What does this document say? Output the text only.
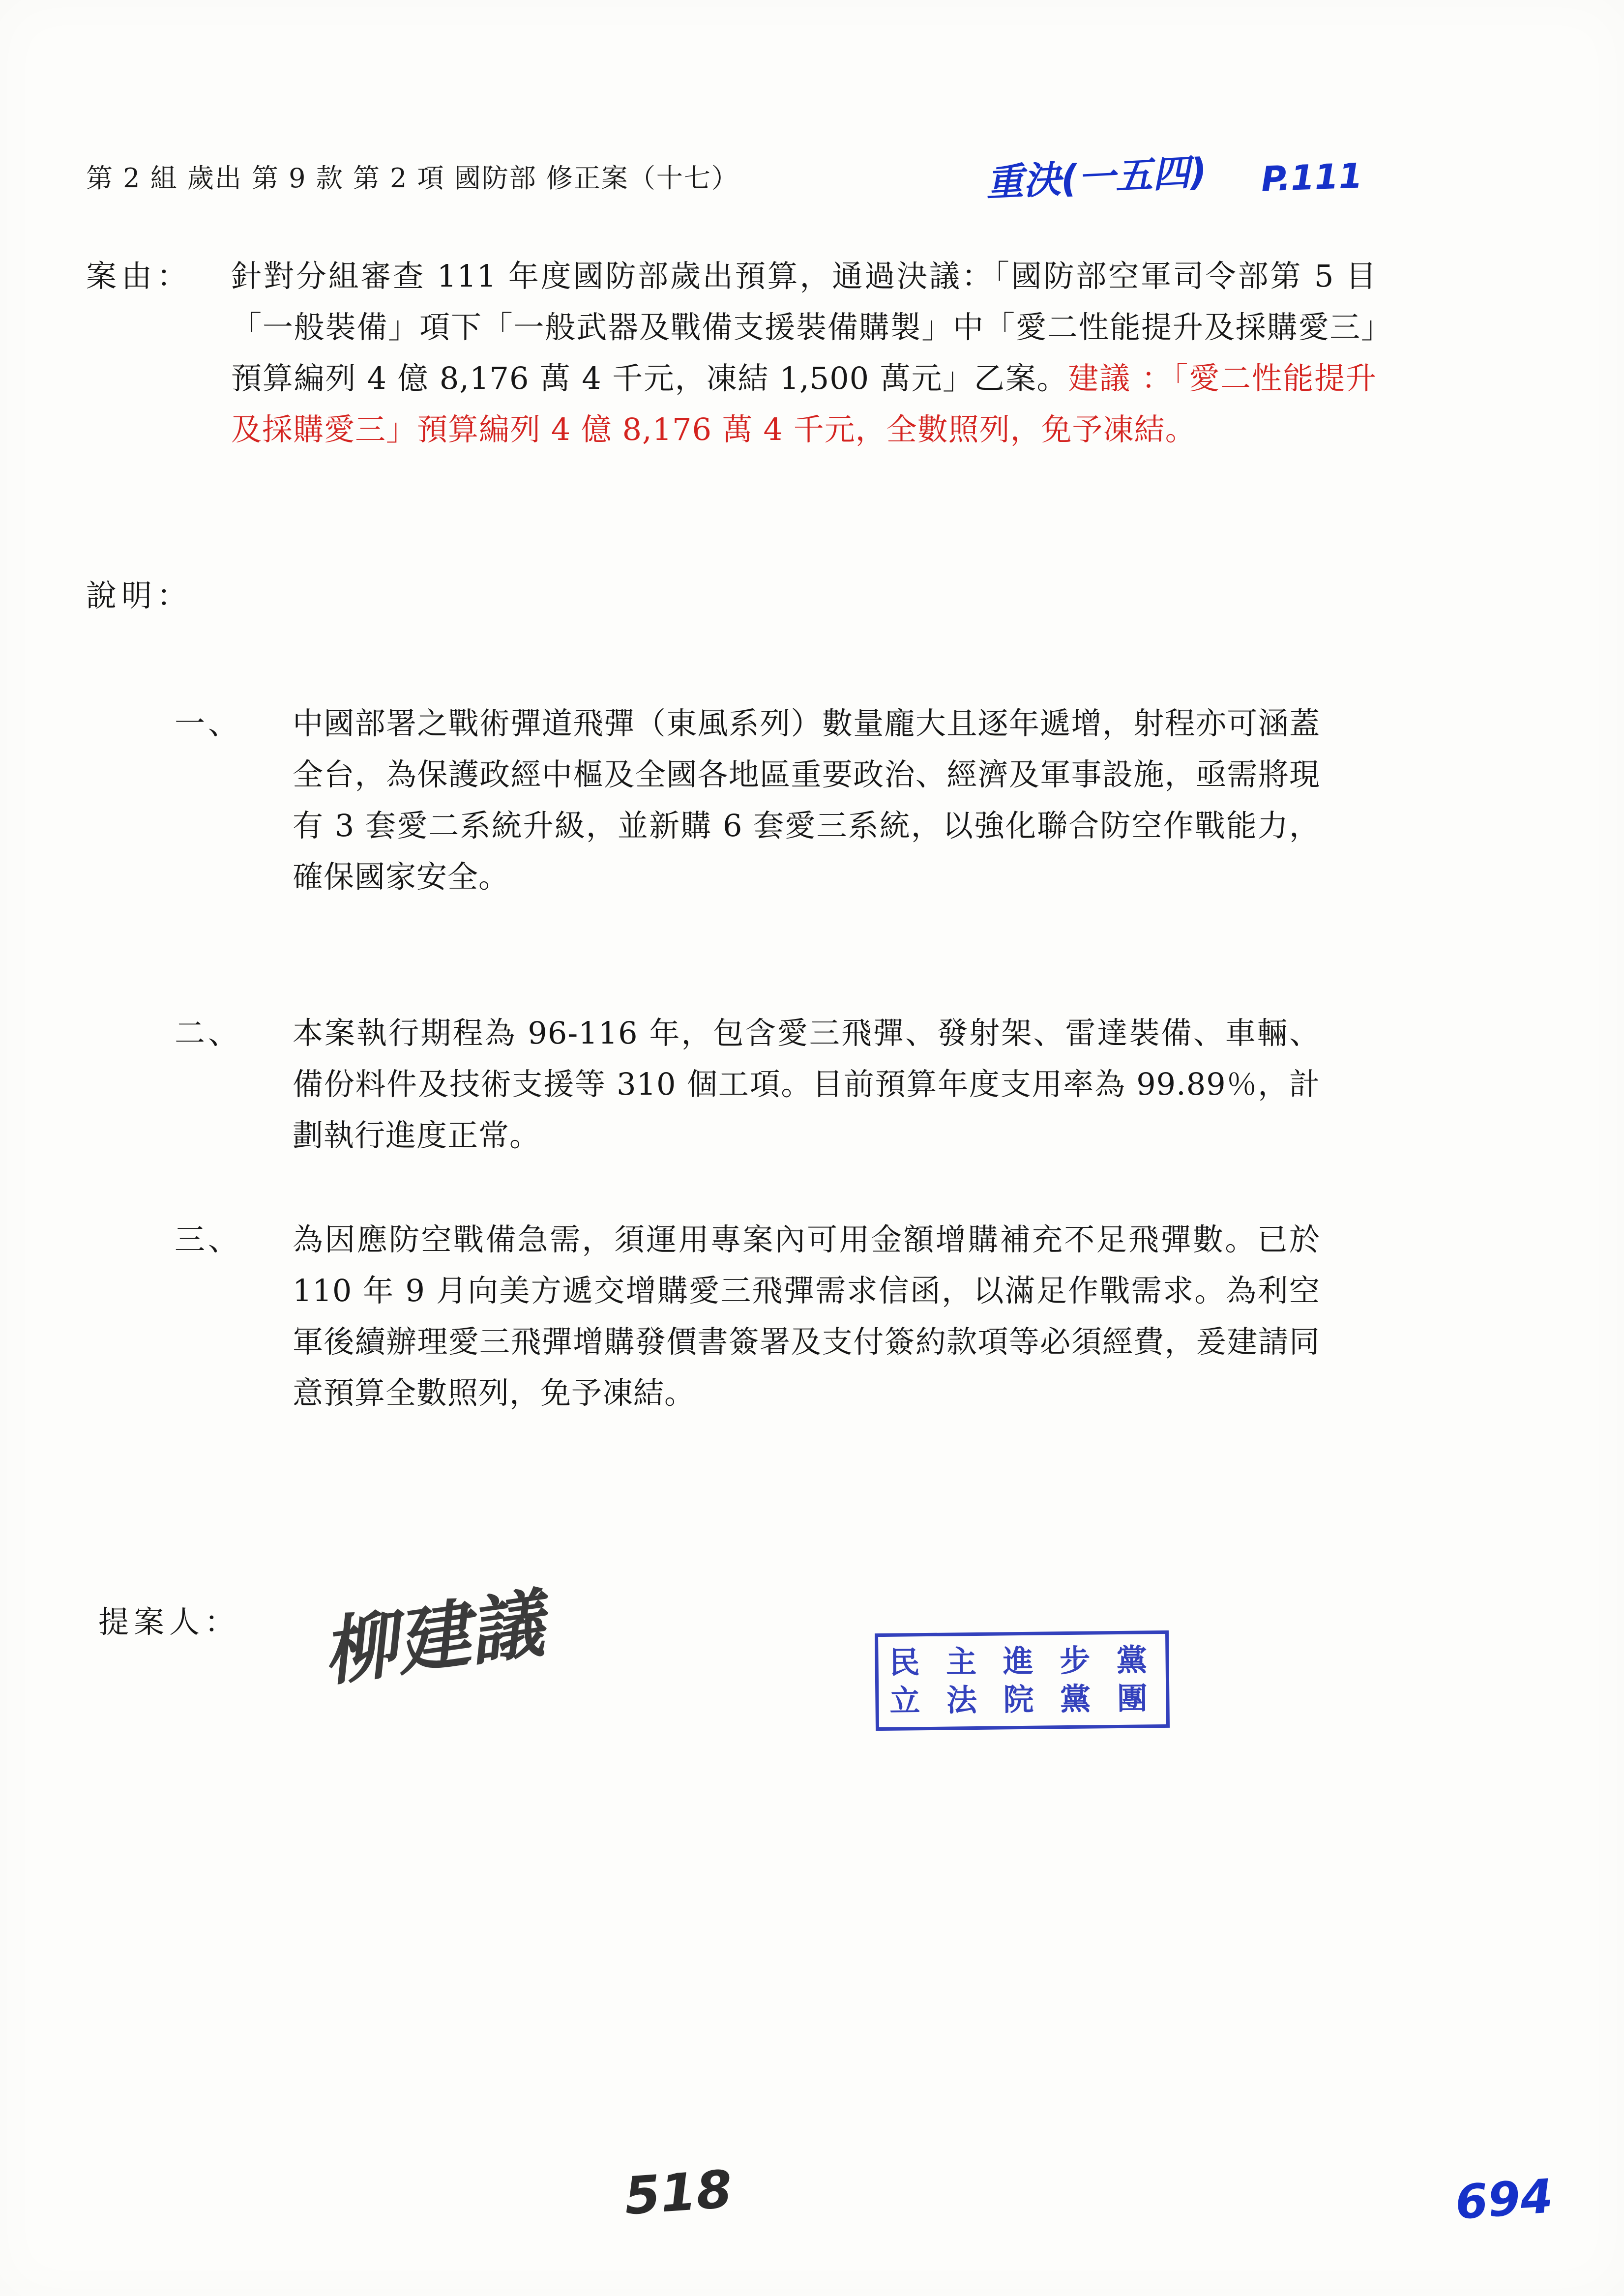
第 2 組 歲出 第 9 款 第 2 項 國防部 修正案（十七）	重決(一五四) P.111
案由： 針對分組審查 111 年度國防部歲出預算，通過決議：「國防部空軍司令部第 5 目「一般裝備」項下「一般武器及戰備支援裝備購製」中「愛二性能提升及採購愛三」預算編列 4 億 8,176 萬 4 千元，凍結 1,500 萬元」乙案。

建議 ：「愛二性能提升及採購愛三」預算編列 4 億 8,176 萬 4 千元，全數照列，免予凍結。
說明：
一、	中國部署之戰術彈道飛彈（東風系列）數量龐大且逐年遞增，射程亦可涵蓋全台，為保護政經中樞及全國各地區重要政治、經濟及軍事設施，亟需將現有 3 套愛二系統升級，並新購 6 套愛三系統，以強化聯合防空作戰能力，確保國家安全。
二、	本案執行期程為 96-116 年，包含愛三飛彈、發射架、雷達裝備、車輛、備份料件及技術支援等 310 個工項。目前預算年度支用率為 99.89％，計劃執行進度正常。
三、	為因應防空戰備急需，須運用專案內可用金額增購補充不足飛彈數。已於 110 年 9 月向美方遞交增購愛三飛彈需求信函，以滿足作戰需求。為利空軍後續辦理愛三飛彈增購發價書簽署及支付簽約款項等必須經費，爰建請同意預算全數照列，免予凍結。
提案人： 柳建議	民 主 進 步 黨
立 法 院 黨 團
518	694
